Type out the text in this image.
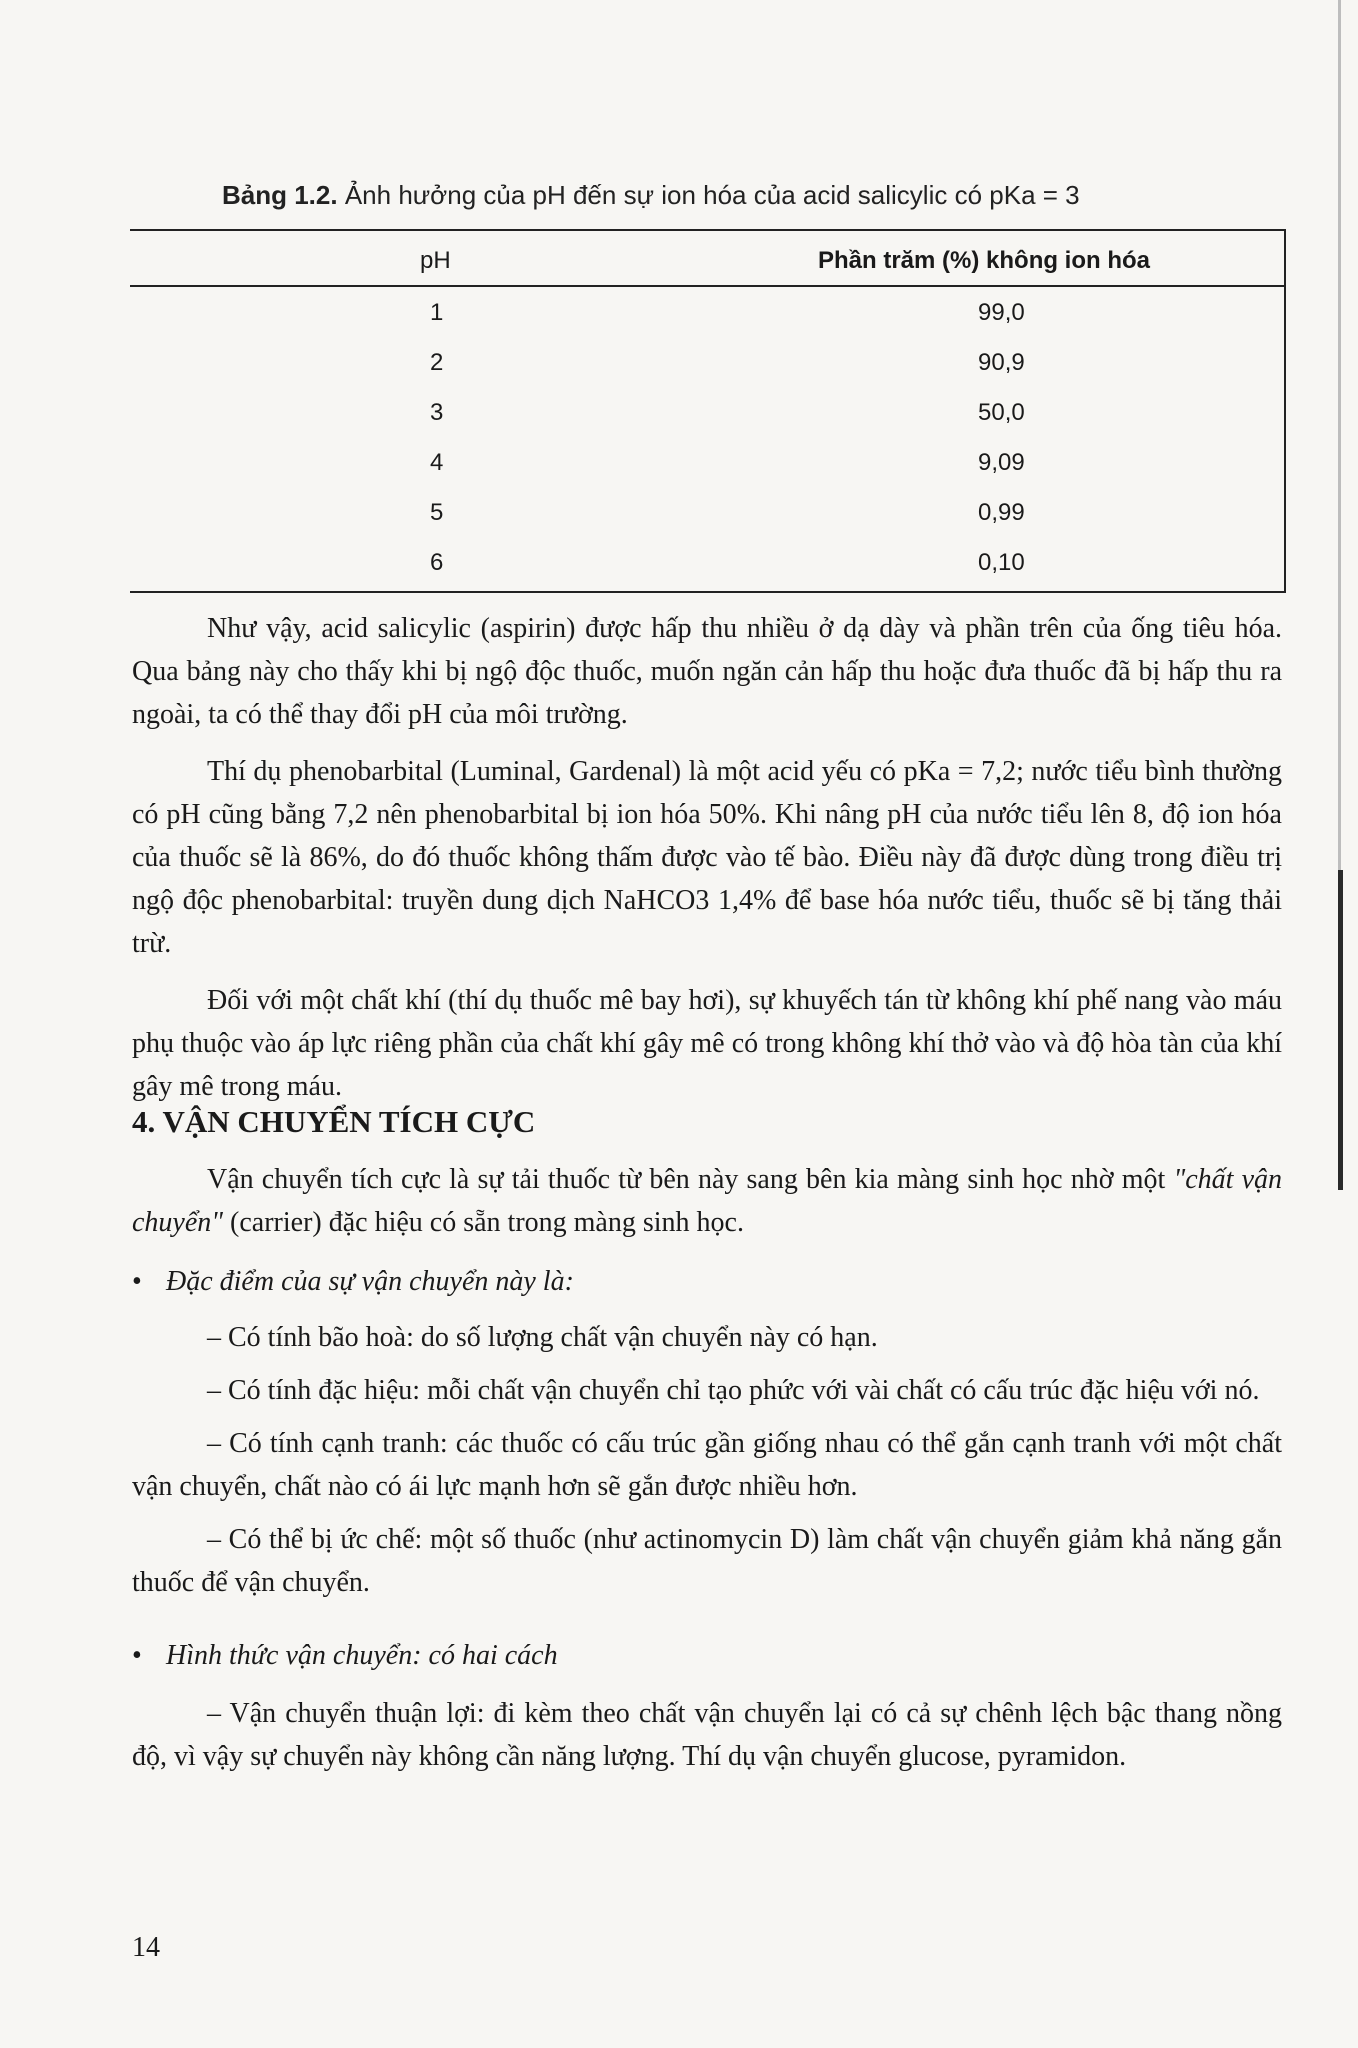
Bảng 1.2. Ảnh hưởng của pH đến sự ion hóa của acid salicylic có pKa = 3
pH	Phần trăm (%) không ion hóa
1	99,0
2	90,9
3	50,0
4	9,09
5	0,99
6	0,10

Như vậy, acid salicylic (aspirin) được hấp thu nhiều ở dạ dày và phần trên của ống tiêu hóa. Qua bảng này cho thấy khi bị ngộ độc thuốc, muốn ngăn cản hấp thu hoặc đưa thuốc đã bị hấp thu ra ngoài, ta có thể thay đổi pH của môi trường.

Thí dụ phenobarbital (Luminal, Gardenal) là một acid yếu có pKa = 7,2; nước tiểu bình thường có pH cũng bằng 7,2 nên phenobarbital bị ion hóa 50%. Khi nâng pH của nước tiểu lên 8, độ ion hóa của thuốc sẽ là 86%, do đó thuốc không thấm được vào tế bào. Điều này đã được dùng trong điều trị ngộ độc phenobarbital: truyền dung dịch NaHCO3 1,4% để base hóa nước tiểu, thuốc sẽ bị tăng thải trừ.

Đối với một chất khí (thí dụ thuốc mê bay hơi), sự khuyếch tán từ không khí phế nang vào máu phụ thuộc vào áp lực riêng phần của chất khí gây mê có trong không khí thở vào và độ hòa tàn của khí gây mê trong máu.

4. VẬN CHUYỂN TÍCH CỰC

Vận chuyển tích cực là sự tải thuốc từ bên này sang bên kia màng sinh học nhờ một "chất vận chuyển" (carrier) đặc hiệu có sẵn trong màng sinh học.

• Đặc điểm của sự vận chuyển này là:

– Có tính bão hoà: do số lượng chất vận chuyển này có hạn.

– Có tính đặc hiệu: mỗi chất vận chuyển chỉ tạo phức với vài chất có cấu trúc đặc hiệu với nó.

– Có tính cạnh tranh: các thuốc có cấu trúc gần giống nhau có thể gắn cạnh tranh với một chất vận chuyển, chất nào có ái lực mạnh hơn sẽ gắn được nhiều hơn.

– Có thể bị ức chế: một số thuốc (như actinomycin D) làm chất vận chuyển giảm khả năng gắn thuốc để vận chuyển.

• Hình thức vận chuyển: có hai cách

– Vận chuyển thuận lợi: đi kèm theo chất vận chuyển lại có cả sự chênh lệch bậc thang nồng độ, vì vậy sự chuyển này không cần năng lượng. Thí dụ vận chuyển glucose, pyramidon.

14
